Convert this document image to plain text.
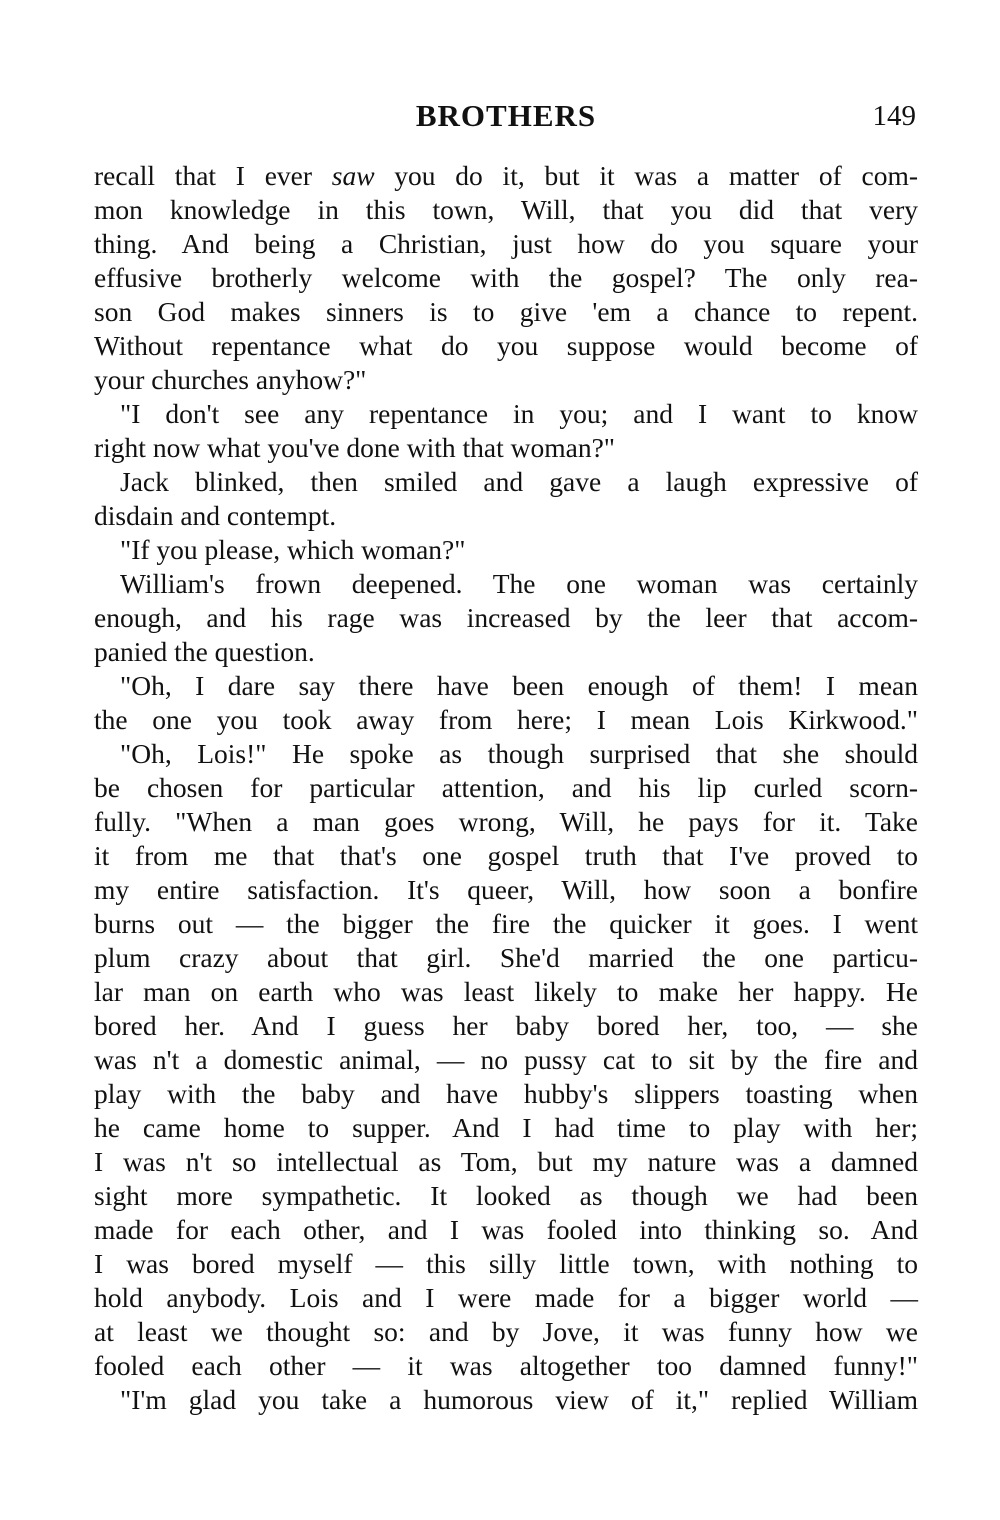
BROTHERS	149
recall that I ever saw you do it, but it was a matter of com-
mon knowledge in this town, Will, that you did that very
thing. And being a Christian, just how do you square your
effusive brotherly welcome with the gospel? The only rea-
son God makes sinners is to give 'em a chance to repent.
Without repentance what do you suppose would become of
your churches anyhow?"
"I don't see any repentance in you; and I want to know
right now what you've done with that woman?"
Jack blinked, then smiled and gave a laugh expressive of
disdain and contempt.
"If you please, which woman?"
William's frown deepened. The one woman was certainly
enough, and his rage was increased by the leer that accom-
panied the question.
"Oh, I dare say there have been enough of them! I mean
the one you took away from here; I mean Lois Kirkwood."
"Oh, Lois!" He spoke as though surprised that she should
be chosen for particular attention, and his lip curled scorn-
fully. "When a man goes wrong, Will, he pays for it. Take
it from me that that's one gospel truth that I've proved to
my entire satisfaction. It's queer, Will, how soon a bonfire
burns out — the bigger the fire the quicker it goes. I went
plum crazy about that girl. She'd married the one particu-
lar man on earth who was least likely to make her happy. He
bored her. And I guess her baby bored her, too, — she
was n't a domestic animal, — no pussy cat to sit by the fire and
play with the baby and have hubby's slippers toasting when
he came home to supper. And I had time to play with her;
I was n't so intellectual as Tom, but my nature was a damned
sight more sympathetic. It looked as though we had been
made for each other, and I was fooled into thinking so. And
I was bored myself — this silly little town, with nothing to
hold anybody. Lois and I were made for a bigger world —
at least we thought so: and by Jove, it was funny how we
fooled each other — it was altogether too damned funny!"
"I'm glad you take a humorous view of it," replied William
